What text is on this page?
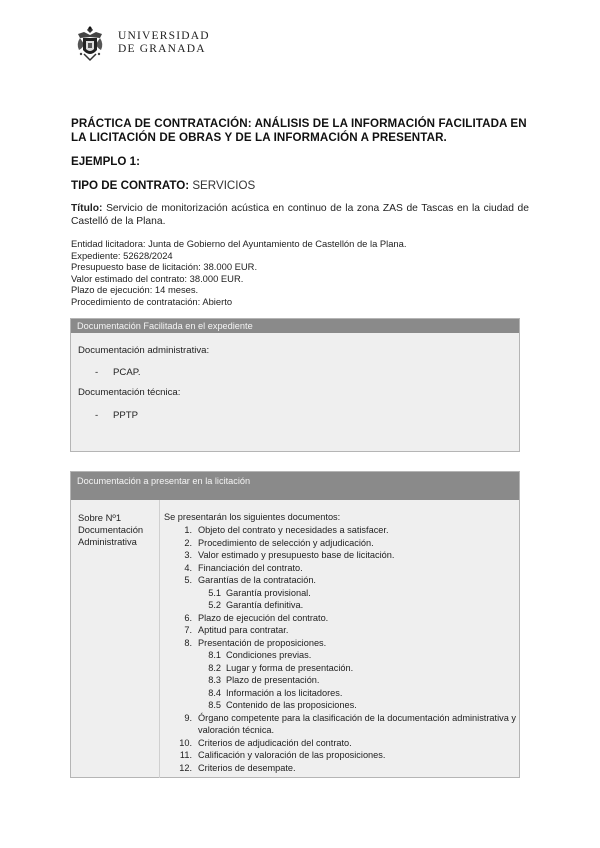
UNIVERSIDAD
DE GRANADA
PRÁCTICA DE CONTRATACIÓN: ANÁLISIS DE LA INFORMACIÓN FACILITADA EN LA LICITACIÓN DE OBRAS Y DE LA INFORMACIÓN A PRESENTAR.
EJEMPLO 1:
TIPO DE CONTRATO: SERVICIOS
Título: Servicio de monitorización acústica en continuo de la zona ZAS de Tascas en la ciudad de Castelló de la Plana.
Entidad licitadora: Junta de Gobierno del Ayuntamiento de Castellón de la Plana.
Expediente: 52628/2024
Presupuesto base de licitación: 38.000 EUR.
Valor estimado del contrato: 38.000 EUR.
Plazo de ejecución: 14 meses.
Procedimiento de contratación: Abierto
Documentación Facilitada en el expediente
Documentación administrativa:
- PCAP.
Documentación técnica:
- PPTP
Documentación a presentar en la licitación
Sobre Nº1
Documentación
Administrativa
Se presentarán los siguientes documentos:
1. Objeto del contrato y necesidades a satisfacer.
2. Procedimiento de selección y adjudicación.
3. Valor estimado y presupuesto base de licitación.
4. Financiación del contrato.
5. Garantías de la contratación.
5.1 Garantía provisional.
5.2 Garantía definitiva.
6. Plazo de ejecución del contrato.
7. Aptitud para contratar.
8. Presentación de proposiciones.
8.1 Condiciones previas.
8.2 Lugar y forma de presentación.
8.3 Plazo de presentación.
8.4 Información a los licitadores.
8.5 Contenido de las proposiciones.
9. Órgano competente para la clasificación de la documentación administrativa y valoración técnica.
10. Criterios de adjudicación del contrato.
11. Calificación y valoración de las proposiciones.
12. Criterios de desempate.
